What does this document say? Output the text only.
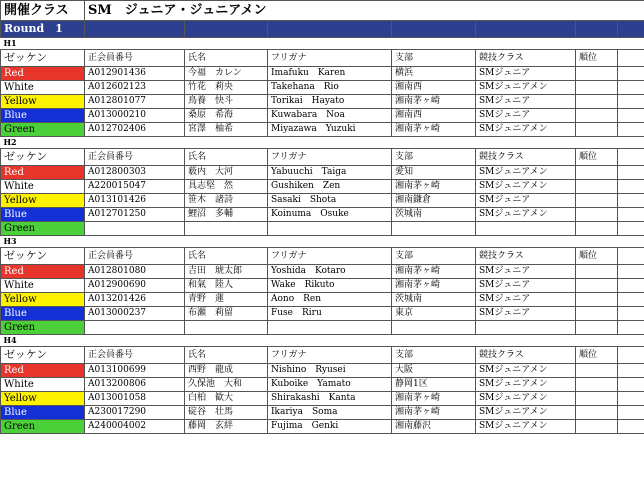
開催クラス	SM　ジュニア・ジュニアメン						
Round　1							
H1							
ゼッケン	正会員番号	氏名	フリガナ	支部	競技クラス	順位	
Red	A012901436	今福　カレン	Imafuku　Karen	横浜	SMジュニア		
White	A012602123	竹花　莉央	Takehana　Rio	湘南西	SMジュニアメン		
Yellow	A012801077	鳥養　快斗	Torikai　Hayato	湘南茅ヶ崎	SMジュニア		
Blue	A013000210	桑原　希海	Kuwabara　Noa	湘南西	SMジュニア		
Green	A012702406	宮澤　柚希	Miyazawa　Yuzuki	湘南茅ヶ崎	SMジュニアメン		
H2							
ゼッケン	正会員番号	氏名	フリガナ	支部	競技クラス	順位	
Red	A012800303	薮内　大河	Yabuuchi　Taiga	愛知	SMジュニアメン		
White	A220015047	具志堅　然	Gushiken　Zen	湘南茅ヶ崎	SMジュニアメン		
Yellow	A013101426	笹木　諸詩	Sasaki　Shota	湘南鎌倉	SMジュニア		
Blue	A012701250	鯉沼　多輔	Koinuma　Osuke	茨城南	SMジュニアメン		
Green							
H3							
ゼッケン	正会員番号	氏名	フリガナ	支部	競技クラス	順位	
Red	A012801080	吉田　琥太郎	Yoshida　Kotaro	湘南茅ヶ崎	SMジュニア		
White	A012900690	和氣　陸人	Wake　Rikuto	湘南茅ヶ崎	SMジュニア		
Yellow	A013201426	青野　蓮	Aono　Ren	茨城南	SMジュニア		
Blue	A013000237	布瀬　莉留	Fuse　Riru	東京	SMジュニア		
Green							
H4							
ゼッケン	正会員番号	氏名	フリガナ	支部	競技クラス	順位	
Red	A013100699	西野　龍成	Nishino　Ryusei	大阪	SMジュニアメン		
White	A013200806	久保池　大和	Kuboike　Yamato	静岡1区	SMジュニアメン		
Yellow	A013001058	白柏　歓大	Shirakashi　Kanta	湘南茅ヶ崎	SMジュニアメン		
Blue	A230017290	碇谷　壮馬	Ikariya　Soma	湘南茅ヶ崎	SMジュニアメン		
Green	A240004002	藤岡　玄絆	Fujima　Genki	湘南藤沢	SMジュニアメン		
